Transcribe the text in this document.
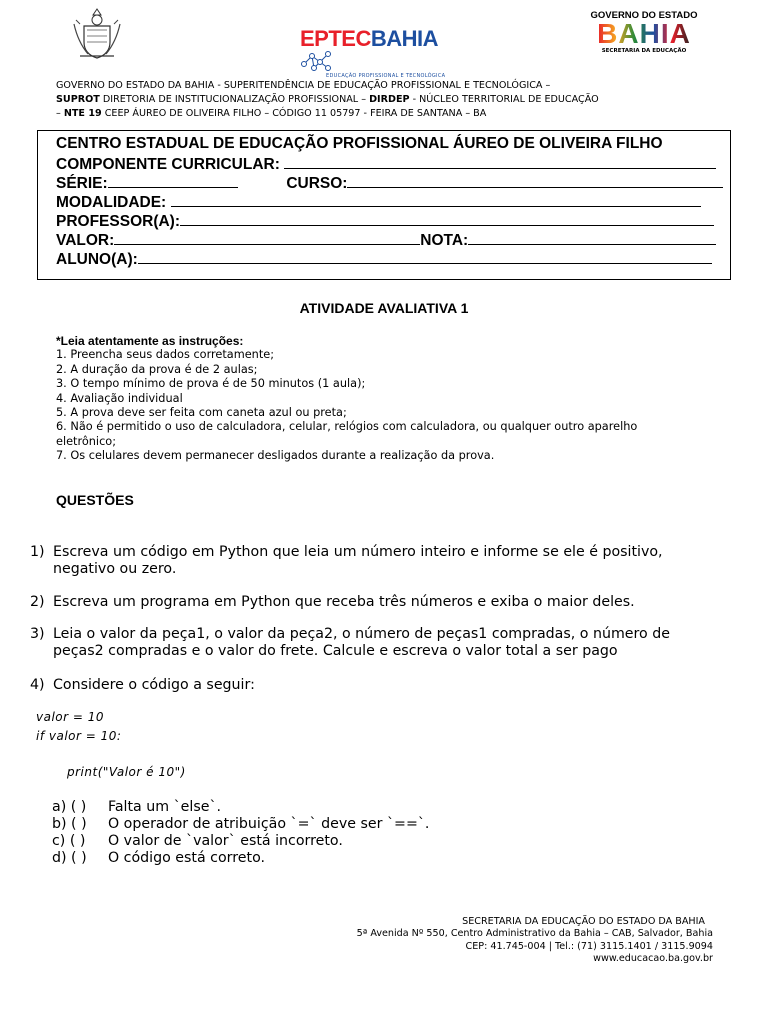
EPTECBAHIA
EDUCAÇÃO PROFISSIONAL E TECNOLÓGICA
GOVERNO DO ESTADO
BAHIA
SECRETARIA DA EDUCAÇÃO
GOVERNO DO ESTADO DA BAHIA - SUPERITENDÊNCIA DE EDUCAÇÃO PROFISSIONAL E TECNOLÓGICA –
SUPROT DIRETORIA DE INSTITUCIONALIZAÇÃO PROFISSIONAL – DIRDEP - NÚCLEO TERRITORIAL DE EDUCAÇÃO
– NTE 19 CEEP ÁUREO DE OLIVEIRA FILHO – CÓDIGO 11 05797 - FEIRA DE SANTANA – BA
CENTRO ESTADUAL DE EDUCAÇÃO PROFISSIONAL ÁUREO DE OLIVEIRA FILHO
COMPONENTE CURRICULAR:
SÉRIE:	CURSO:
MODALIDADE:
PROFESSOR(A):
VALOR:	NOTA:
ALUNO(A):
ATIVIDADE AVALIATIVA 1
*Leia atentamente as instruções:
1. Preencha seus dados corretamente;
2. A duração da prova é de 2 aulas;
3. O tempo mínimo de prova é de 50 minutos (1 aula);
4. Avaliação individual
5. A prova deve ser feita com caneta azul ou preta;
6. Não é permitido o uso de calculadora, celular, relógios com calculadora, ou qualquer outro aparelho eletrônico;
7. Os celulares devem permanecer desligados durante a realização da prova.
QUESTÕES
1) Escreva um código em Python que leia um número inteiro e informe se ele é positivo, negativo ou zero.
2) Escreva um programa em Python que receba três números e exiba o maior deles.
3) Leia o valor da peça1, o valor da peça2, o número de peças1 compradas, o número de peças2 compradas e o valor do frete. Calcule e escreva o valor total a ser pago
4) Considere o código a seguir:
valor = 10
if valor = 10:
print("Valor é 10")
a) ( ) Falta um `else`.
b) ( ) O operador de atribuição `=` deve ser `==`.
c) ( ) O valor de `valor` está incorreto.
d) ( ) O código está correto.
SECRETARIA DA EDUCAÇÃO DO ESTADO DA BAHIA
5ª Avenida Nº 550, Centro Administrativo da Bahia – CAB, Salvador, Bahia
CEP: 41.745-004 | Tel.: (71) 3115.1401 / 3115.9094
www.educacao.ba.gov.br
